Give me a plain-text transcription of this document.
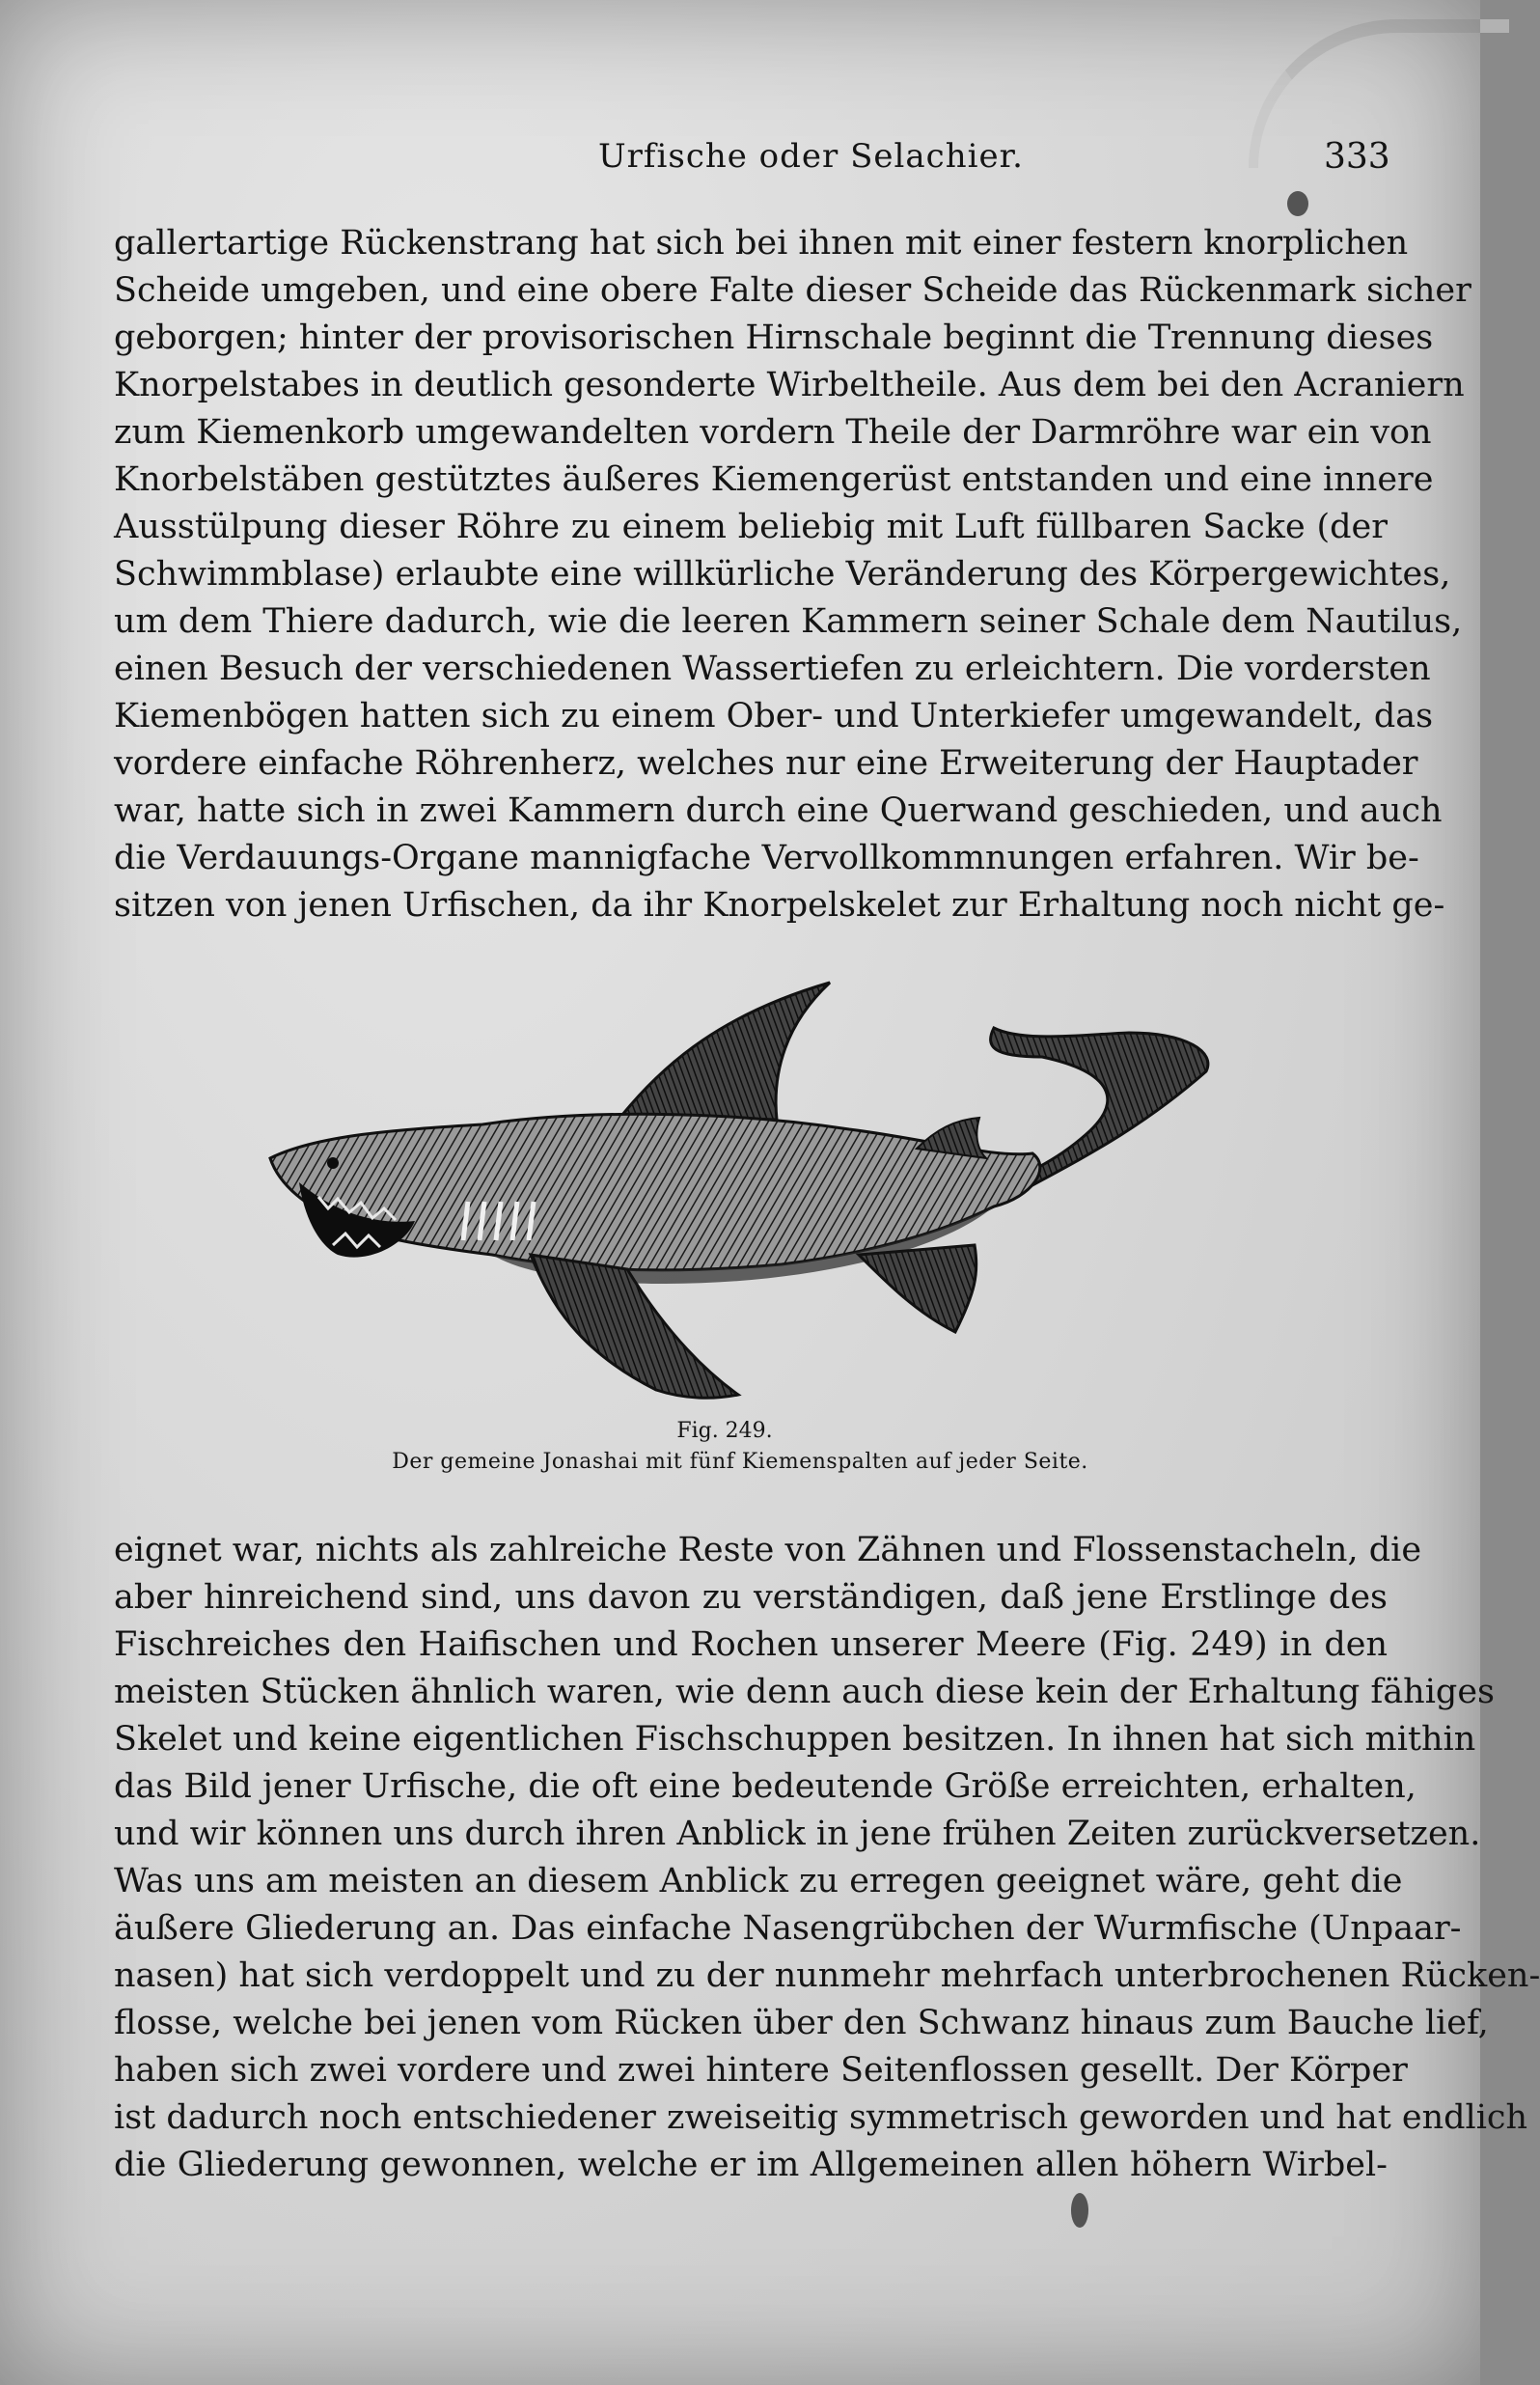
Urfische oder Selachier.	333
gallertartige Rückenstrang hat sich bei ihnen mit einer festern knorplichen
Scheide umgeben, und eine obere Falte dieser Scheide das Rückenmark sicher
geborgen; hinter der provisorischen Hirnschale beginnt die Trennung dieses
Knorpelstabes in deutlich gesonderte Wirbeltheile. Aus dem bei den Acraniern
zum Kiemenkorb umgewandelten vordern Theile der Darmröhre war ein von
Knorbelstäben gestütztes äußeres Kiemengerüst entstanden und eine innere
Ausstülpung dieser Röhre zu einem beliebig mit Luft füllbaren Sacke (der
Schwimmblase) erlaubte eine willkürliche Veränderung des Körpergewichtes,
um dem Thiere dadurch, wie die leeren Kammern seiner Schale dem Nautilus,
einen Besuch der verschiedenen Wassertiefen zu erleichtern. Die vordersten
Kiemenbögen hatten sich zu einem Ober- und Unterkiefer umgewandelt, das
vordere einfache Röhrenherz, welches nur eine Erweiterung der Hauptader
war, hatte sich in zwei Kammern durch eine Querwand geschieden, und auch
die Verdauungs-Organe mannigfache Vervollkommnungen erfahren. Wir be-
sitzen von jenen Urfischen, da ihr Knorpelskelet zur Erhaltung noch nicht ge-
Fig. 249.
Der gemeine Jonashai mit fünf Kiemenspalten auf jeder Seite.
eignet war, nichts als zahlreiche Reste von Zähnen und Flossenstacheln, die
aber hinreichend sind, uns davon zu verständigen, daß jene Erstlinge des
Fischreiches den Haifischen und Rochen unserer Meere (Fig. 249) in den
meisten Stücken ähnlich waren, wie denn auch diese kein der Erhaltung fähiges
Skelet und keine eigentlichen Fischschuppen besitzen. In ihnen hat sich mithin
das Bild jener Urfische, die oft eine bedeutende Größe erreichten, erhalten,
und wir können uns durch ihren Anblick in jene frühen Zeiten zurückversetzen.
Was uns am meisten an diesem Anblick zu erregen geeignet wäre, geht die
äußere Gliederung an. Das einfache Nasengrübchen der Wurmfische (Unpaar-
nasen) hat sich verdoppelt und zu der nunmehr mehrfach unterbrochenen Rücken-
flosse, welche bei jenen vom Rücken über den Schwanz hinaus zum Bauche lief,
haben sich zwei vordere und zwei hintere Seitenflossen gesellt. Der Körper
ist dadurch noch entschiedener zweiseitig symmetrisch geworden und hat endlich
die Gliederung gewonnen, welche er im Allgemeinen allen höhern Wirbel-
